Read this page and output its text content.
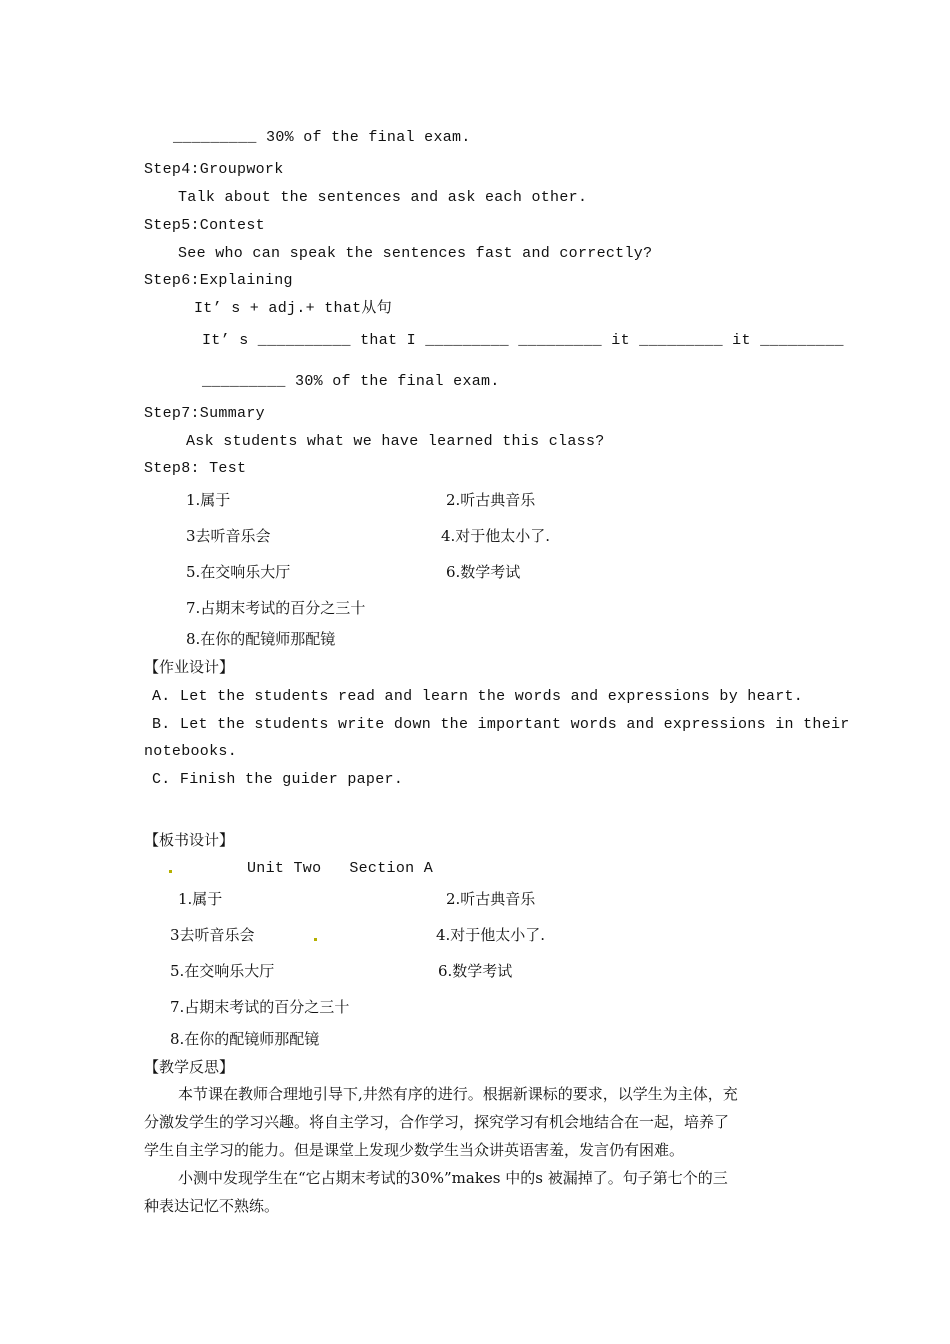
_________ 30% of the final exam.
Step4:Groupwork
Talk about the sentences and ask each other.
Step5:Contest
See who can speak the sentences fast and correctly?
Step6:Explaining
It’ s + adj.+ that从句
It’ s __________ that I _________ _________ it _________ it _________
_________ 30% of the final exam.
Step7:Summary
Ask students what we have learned this class?
Step8: Test
1.属于	2.听古典音乐
3去听音乐会	4.对于他太小了.
5.在交响乐大厅	6.数学考试
7.占期末考试的百分之三十
8.在你的配镜师那配镜
【作业设计】
A. Let the students read and learn the words and expressions by heart.
B. Let the students write down the important words and expressions in their
notebooks.
C. Finish the guider paper.
【板书设计】
Unit Two   Section A
1.属于	2.听古典音乐
3去听音乐会	4.对于他太小了.
5.在交响乐大厅	6.数学考试
7.占期末考试的百分之三十
8.在你的配镜师那配镜
【教学反思】
本节课在教师合理地引导下,井然有序的进行。根据新课标的要求，以学生为主体，充
分激发学生的学习兴趣。将自主学习，合作学习，探究学习有机会地结合在一起，培养了
学生自主学习的能力。但是课堂上发现少数学生当众讲英语害羞，发言仍有困难。
小测中发现学生在“它占期末考试的30%”makes 中的s 被漏掉了。句子第七个的三
种表达记忆不熟练。
